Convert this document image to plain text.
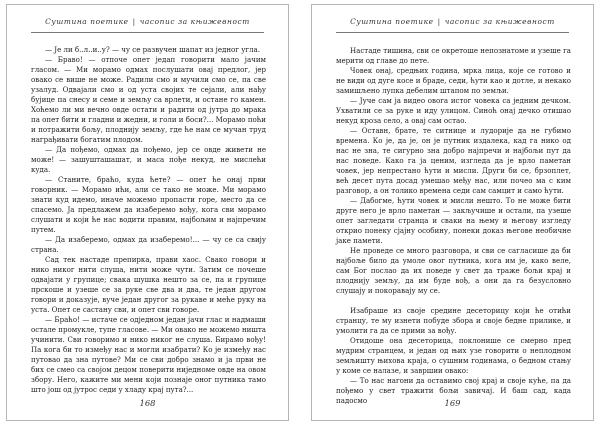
Суштина поетике | часопис за књижевност

— Је ли б..л..и..у? — чу се развучен шапат из једног угла.

— Браво! — отпоче опет једап говорити мало јачим гласом. — Ми морамо одмах послушати овај предлог, јер овако се више не може. Радили смо и мучили смо се, па све узалуд. Одвајали смо и од уста својих те сејали, али нађу бујице па снесу и семе и земљу са врлети, и остане го камен. Хоћемо ли ми вечно овде остати и радити од јутра до мрака па опет бити и гладни и жедни, и голи и боси?... Морамо поћи и потражити бољу, плоднију земљу, где ће нам се мучан труд награђивати богатим плодом.

— Да пођемо, одмах да пођемо, јер се овде живети не може! — зашушташашат, и маса пође некуд, не мислећи куда.

— Станите, браћо, куда ћете? — опет ће онај први говорник. — Морамо ићи, али се тако не може. Ми морамо знати куд идемо, иначе можемо пропасти горе, место да се спасемо. Ја предлажем да изаберемо вођу, кога сви морамо слушати и који ће нас водити правим, најбољим и најпречим путем.

— Да изаберемо, одмах да изаберемо!... — чу се са свију страна.

Сад тек настаде препирка, прави хаос. Свако говори и нико никог нити слуша, нити може чути. Затим се почеше одвајати у групице; свака шушка нешто за се, па и групице прскоше и узеше се за руке све два и два, те један другом говори и доказује, вуче један другог за рукаве и меће руку на уста. Опет се састану сви, и опет сви говоре.

— Браћо! — истаче се одједном један јачи глас и надмаши остале промукле, тупе гласове. — Ми овако не можемо ништа учинити. Сви говоримо и нико никог не слуша. Бирамо вођу! Па кога би то између нас и могли изабрати? Ко је између нас путовао да зна путове? Ми се сви добро знамо и ја први не бих се смео са својом децом поверити ниједноме овде на овом збору. Него, кажите ми мени који познаје оног путника тамо што још од јутрос седи у хладу крај пута?...

168
Суштина поетике | часопис за књижевност

Настаде тишина, сви се окретоше непознатоме и узеше га мерити од главе до пете.

Човек онај, средњих година, мрка лица, које се готово и не види од дуге косе и браде, седи, ћути као и дотле, и некако замишљено лупка дебелим штапом по земљи.

— Јуче сам ја видео овога истог човека са једним дечком. Ухватили се за руке и иду улицом. Синоћ онај дечко отишао некуд кроза село, а овај сам остао.

— Оставн, брате, те ситнице и лудорије да не губимо времена. Ко је, да је, он је путник издалека, кад га нико од нас не зна, те сигурно зна добро најпречи и најбољи пут да нас поведе. Како га ја ценим, изгледа да је врло паметан човек, јер непрестано ћути и мисли. Други би се, брзоплет, већ десет пута досад умешао међу нас, или почео ма с ким разговор, а он толико времена седи сам самцит и само ћути.

— Дабогме, ћути човек и мисли нешто. То не може бити друге него је врло паметан — закључише и остали, па узеше опет загледати странца и сваки на њему и његову изгледу открио понеку сјајну особину, понеки доказ његове необичне јаке памети.

Не проведе се много разговора, и сви се сагласише да би најбоље било да умоле овог путника, кога им је, како веле, сам Бог послао да их поведе у свет да траже бољи крај и плоднију земљу, да им буде вођ, а они да га безусловно слушају и покоравају му се.

Изабраше из своје средине десеторицу који ће отићи странцу, те му изнети побуде збора и своје бедне прилике, и умолити га да се прими за вођу.

Отидоше она десеторица, поклонише се смерно пред мудрим странцем, и један од њих узе говорити о неплодном земљишту њихова краја, о сушним годинама, о бедном стању у коме се налазе, и завршии овако:

— То нас нагони да оставимо свој крај и своје куће, па да пођемо у свет тражити бољи завичај. И баш сад, када падосмо	169
